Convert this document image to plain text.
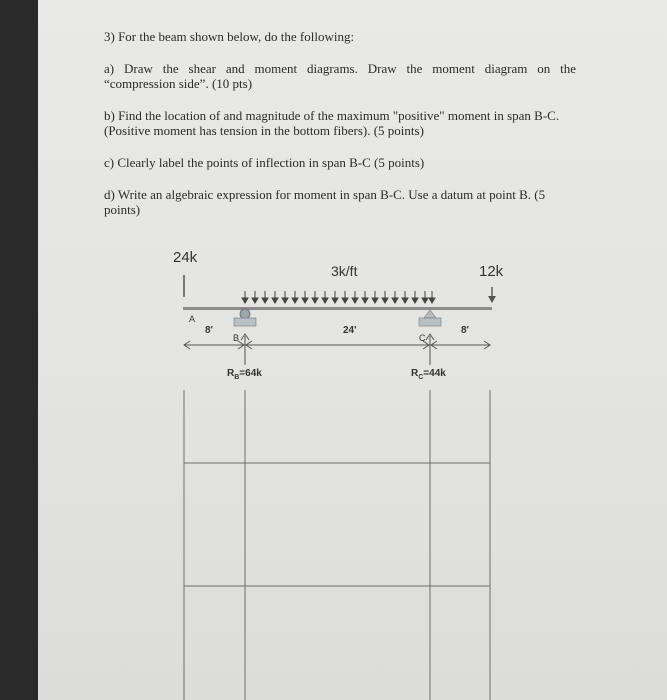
3) For the beam shown below, do the following:
a) Draw the shear and moment diagrams. Draw the moment diagram on the
“compression side”. (10 pts)
b) Find the location of and magnitude of the maximum "positive" moment in span B-C.
(Positive moment has tension in the bottom fibers). (5 points)
c) Clearly label the points of inflection in span B-C (5 points)
d) Write an algebraic expression for moment in span B-C. Use a datum at point B. (5
points)
24k
3k/ft	12k
A
B	C
8'	24'	8'
$R_B=64k$	$R_C=44k$
